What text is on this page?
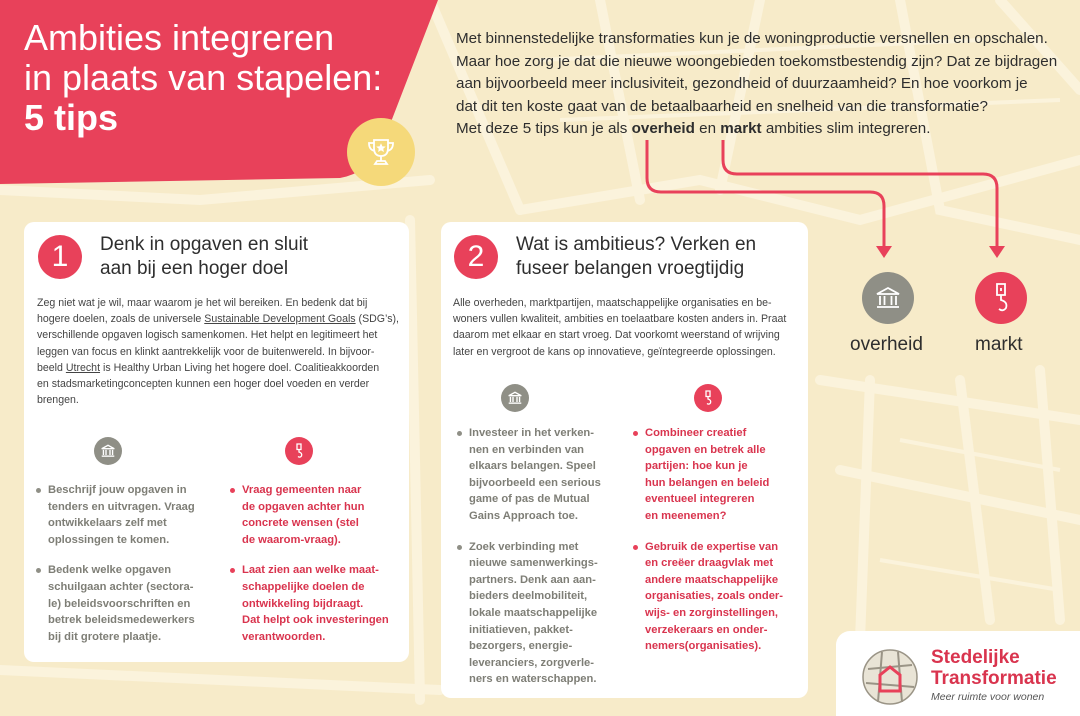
Ambities integreren
in plaats van stapelen:
5 tips

Met binnenstedelijke transformaties kun je de woningproductie versnellen en opschalen.

Maar hoe zorg je dat die nieuwe woongebieden toekomstbestendig zijn? Dat ze bijdragen

aan bijvoorbeeld meer inclusiviteit, gezondheid of duurzaamheid? En hoe voorkom je

dat dit ten koste gaat van de betaalbaarheid en snelheid van die transformatie?

Met deze 5 tips kun je als overheid en markt ambities slim integreren.

overheid	markt
1	Denk in opgaven en sluit
aan bij een hoger doel
Zeg niet wat je wil, maar waarom je het wil bereiken. En bedenk dat bij
hogere doelen, zoals de universele Sustainable Development Goals (SDG’s),
verschillende opgaven logisch samenkomen. Het helpt en legitimeert het
leggen van focus en klinkt aantrekkelijk voor de buitenwereld. In bijvoor-
beeld Utrecht is Healthy Urban Living het hogere doel. Coalitieakkoorden
en stadsmarketingconcepten kunnen een hoger doel voeden en verder
brengen.
Beschrijf jouw opgaven in
tenders en uitvragen. Vraag
ontwikkelaars zelf met
oplossingen te komen.
Bedenk welke opgaven
schuilgaan achter (sectora-
le) beleidsvoorschriften en
betrek beleidsmedewerkers
bij dit grotere plaatje.
Vraag gemeenten naar
de opgaven achter hun
concrete wensen (stel
de waarom-vraag).
Laat zien aan welke maat-
schappelijke doelen de
ontwikkeling bijdraagt.
Dat helpt ook investeringen
verantwoorden.
2	Wat is ambitieus? Verken en
fuseer belangen vroegtijdig
Alle overheden, marktpartijen, maatschappelijke organisaties en be-
woners vullen kwaliteit, ambities en toelaatbare kosten anders in. Praat
daarom met elkaar en start vroeg. Dat voorkomt weerstand of wrijving
later en vergroot de kans op innovatieve, geïntegreerde oplossingen.
Investeer in het verken-
nen en verbinden van
elkaars belangen. Speel
bijvoorbeeld een serious
game of pas de Mutual
Gains Approach toe.
Zoek verbinding met
nieuwe samenwerkings-
partners. Denk aan aan-
bieders deelmobiliteit,
lokale maatschappelijke
initiatieven, pakket-
bezorgers, energie-
leveranciers, zorgverle-
ners en waterschappen.
Combineer creatief
opgaven en betrek alle
partijen: hoe kun je
hun belangen en beleid
eventueel integreren
en meenemen?
Gebruik de expertise van
en creëer draagvlak met
andere maatschappelijke
organisaties, zoals onder-
wijs- en zorginstellingen,
verzekeraars en onder-
nemers(organisaties).
Stedelijke
Transformatie
Meer ruimte voor wonen
